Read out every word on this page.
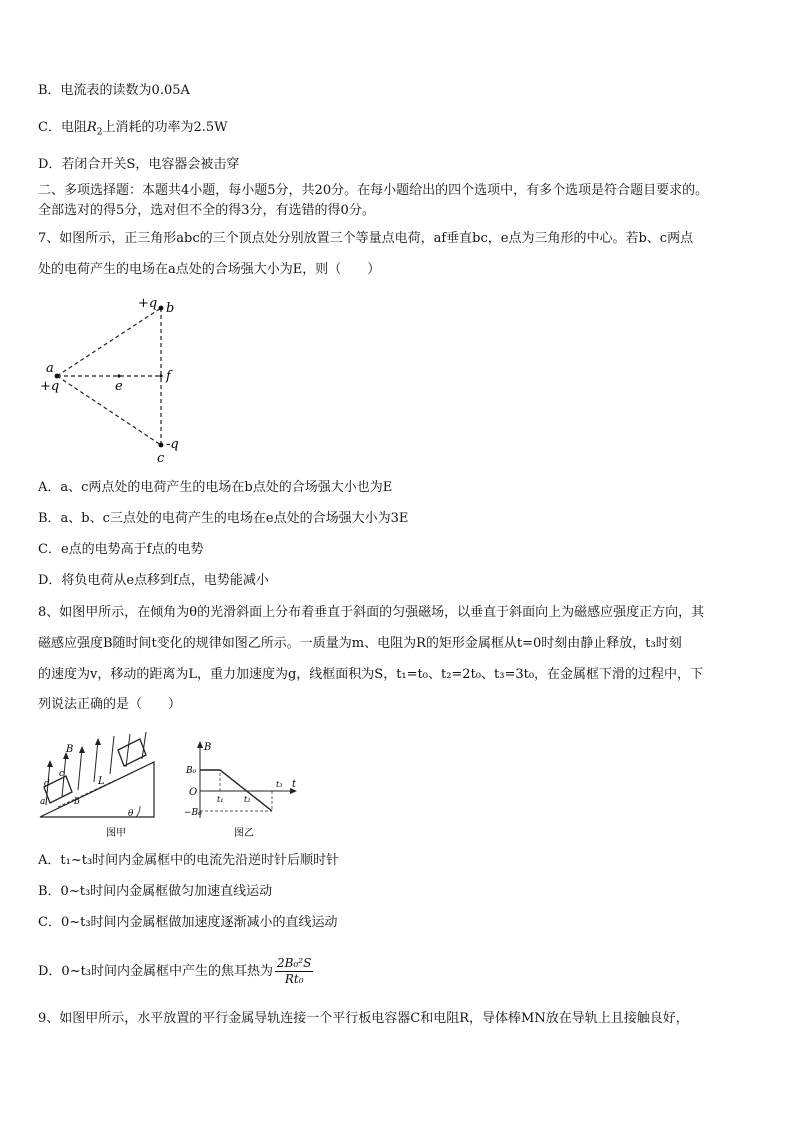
B．电流表的读数为0.05A
C．电阻$R_2$上消耗的功率为2.5W
D．若闭合开关S，电容器会被击穿
二、多项选择题：本题共4小题，每小题5分，共20分。在每小题给出的四个选项中，有多个选项是符合题目要求的。
全部选对的得5分，选对但不全的得3分，有选错的得0分。
7、如图所示，正三角形abc的三个顶点处分别放置三个等量点电荷，af垂直bc，e点为三角形的中心。若b、c两点
处的电荷产生的电场在a点处的合场强大小为E，则（　　）
+q b
a
+q	e
f
-q
c
A．a、c两点处的电荷产生的电场在b点处的合场强大小也为E
B．a、b、c三点处的电荷产生的电场在e点处的合场强大小为3E
C．e点的电势高于f点的电势
D．将负电荷从e点移到f点，电势能减小
8、如图甲所示，在倾角为θ的光滑斜面上分布着垂直于斜面的匀强磁场，以垂直于斜面向上为磁感应强度正方向，其
磁感应强度B随时间t变化的规律如图乙所示。一质量为m、电阻为R的矩形金属框从t=0时刻由静止释放，t₃时刻
的速度为v，移动的距离为L，重力加速度为g，线框面积为S，t₁=t₀、t₂=2t₀、t₃=3t₀，在金属框下滑的过程中，下
列说法正确的是（　　）
B
d
c
a	b
L
θ
图甲
B
B₀
O
−B₀
t₁	t₂
t₃ t
图乙
A．t₁~t₃时间内金属框中的电流先沿逆时针后顺时针
B．0~t₃时间内金属框做匀加速直线运动
C．0~t₃时间内金属框做加速度逐渐减小的直线运动
D．0~t₃时间内金属框中产生的焦耳热为 $\frac{\text{2B₀²S}}{\text{Rt₀}}$
9、如图甲所示，水平放置的平行金属导轨连接一个平行板电容器C和电阻R，导体棒MN放在导轨上且接触良好，
